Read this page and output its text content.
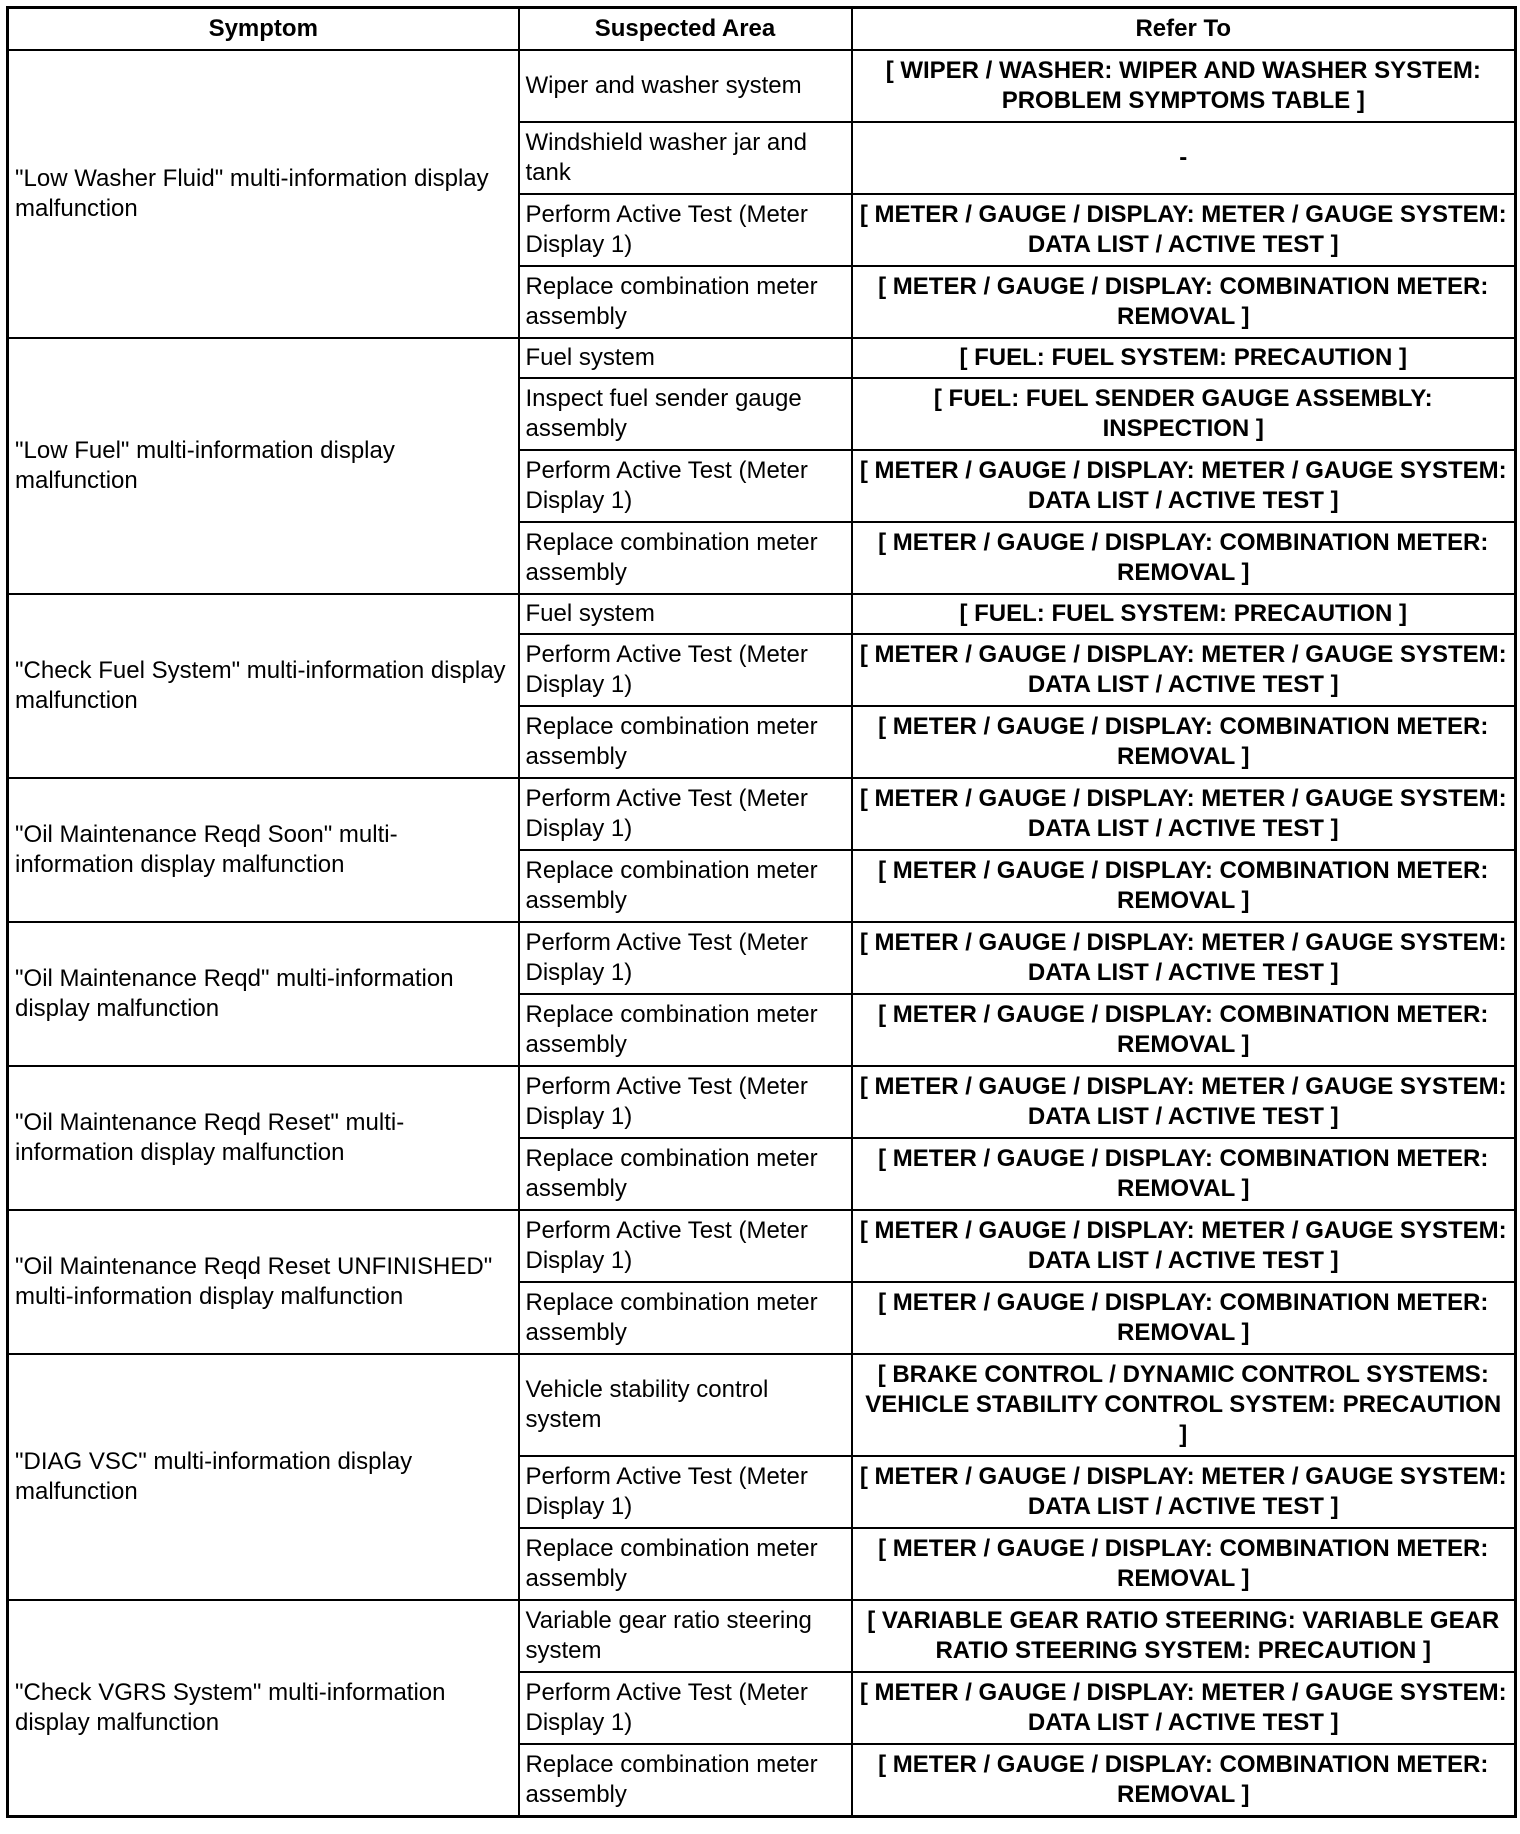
Symptom	Suspected Area	Refer To
"Low Washer Fluid" multi-information display malfunction	Wiper and washer system	[ WIPER / WASHER: WIPER AND WASHER SYSTEM: PROBLEM SYMPTOMS TABLE ]
	Windshield washer jar and tank	-
	Perform Active Test (Meter Display 1)	[ METER / GAUGE / DISPLAY: METER / GAUGE SYSTEM: DATA LIST / ACTIVE TEST ]
	Replace combination meter assembly	[ METER / GAUGE / DISPLAY: COMBINATION METER: REMOVAL ]
"Low Fuel" multi-information display malfunction	Fuel system	[ FUEL: FUEL SYSTEM: PRECAUTION ]
	Inspect fuel sender gauge assembly	[ FUEL: FUEL SENDER GAUGE ASSEMBLY: INSPECTION ]
	Perform Active Test (Meter Display 1)	[ METER / GAUGE / DISPLAY: METER / GAUGE SYSTEM: DATA LIST / ACTIVE TEST ]
	Replace combination meter assembly	[ METER / GAUGE / DISPLAY: COMBINATION METER: REMOVAL ]
"Check Fuel System" multi-information display malfunction	Fuel system	[ FUEL: FUEL SYSTEM: PRECAUTION ]
	Perform Active Test (Meter Display 1)	[ METER / GAUGE / DISPLAY: METER / GAUGE SYSTEM: DATA LIST / ACTIVE TEST ]
	Replace combination meter assembly	[ METER / GAUGE / DISPLAY: COMBINATION METER: REMOVAL ]
"Oil Maintenance Reqd Soon" multi-information display malfunction	Perform Active Test (Meter Display 1)	[ METER / GAUGE / DISPLAY: METER / GAUGE SYSTEM: DATA LIST / ACTIVE TEST ]
	Replace combination meter assembly	[ METER / GAUGE / DISPLAY: COMBINATION METER: REMOVAL ]
"Oil Maintenance Reqd" multi-information display malfunction	Perform Active Test (Meter Display 1)	[ METER / GAUGE / DISPLAY: METER / GAUGE SYSTEM: DATA LIST / ACTIVE TEST ]
	Replace combination meter assembly	[ METER / GAUGE / DISPLAY: COMBINATION METER: REMOVAL ]
"Oil Maintenance Reqd Reset" multi-information display malfunction	Perform Active Test (Meter Display 1)	[ METER / GAUGE / DISPLAY: METER / GAUGE SYSTEM: DATA LIST / ACTIVE TEST ]
	Replace combination meter assembly	[ METER / GAUGE / DISPLAY: COMBINATION METER: REMOVAL ]
"Oil Maintenance Reqd Reset UNFINISHED" multi-information display malfunction	Perform Active Test (Meter Display 1)	[ METER / GAUGE / DISPLAY: METER / GAUGE SYSTEM: DATA LIST / ACTIVE TEST ]
	Replace combination meter assembly	[ METER / GAUGE / DISPLAY: COMBINATION METER: REMOVAL ]
"DIAG VSC" multi-information display malfunction	Vehicle stability control system	[ BRAKE CONTROL / DYNAMIC CONTROL SYSTEMS: VEHICLE STABILITY CONTROL SYSTEM: PRECAUTION ]
	Perform Active Test (Meter Display 1)	[ METER / GAUGE / DISPLAY: METER / GAUGE SYSTEM: DATA LIST / ACTIVE TEST ]
	Replace combination meter assembly	[ METER / GAUGE / DISPLAY: COMBINATION METER: REMOVAL ]
"Check VGRS System" multi-information display malfunction	Variable gear ratio steering system	[ VARIABLE GEAR RATIO STEERING: VARIABLE GEAR RATIO STEERING SYSTEM: PRECAUTION ]
	Perform Active Test (Meter Display 1)	[ METER / GAUGE / DISPLAY: METER / GAUGE SYSTEM: DATA LIST / ACTIVE TEST ]
	Replace combination meter assembly	[ METER / GAUGE / DISPLAY: COMBINATION METER: REMOVAL ]
